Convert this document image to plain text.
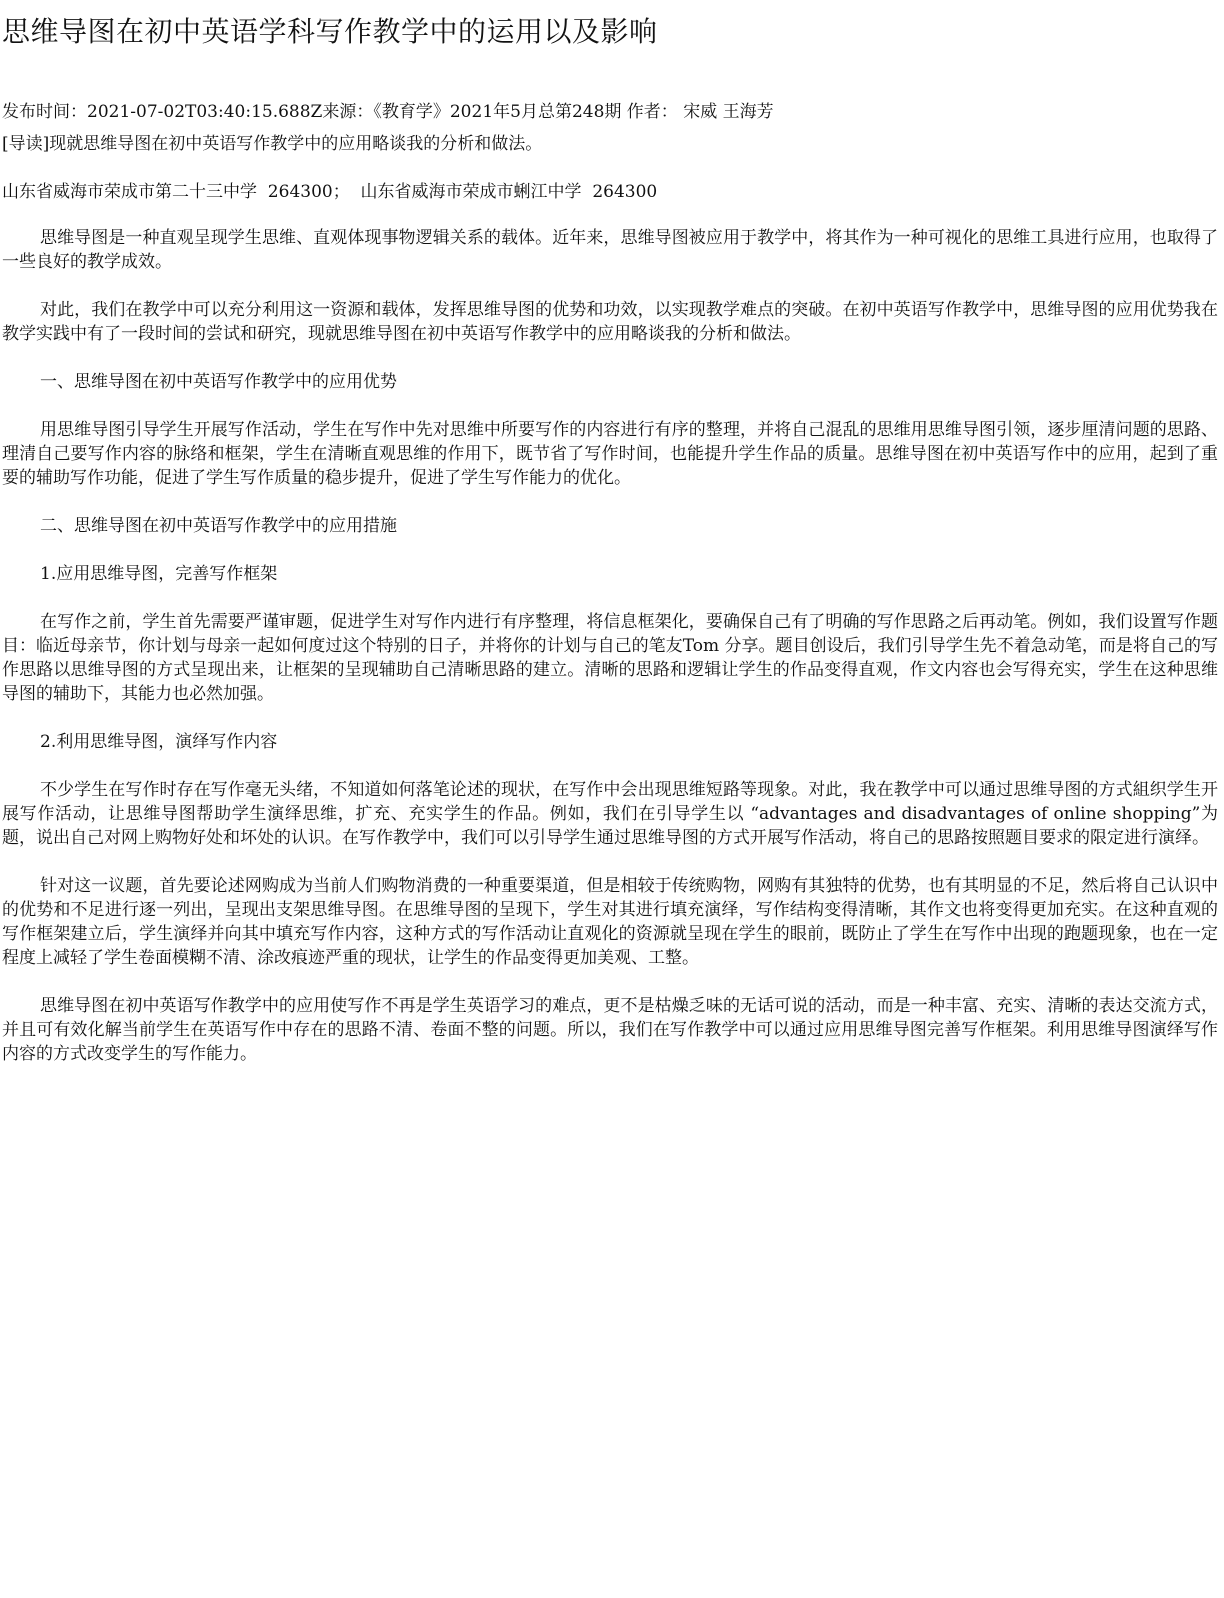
思维导图在初中英语学科写作教学中的运用以及影响
发布时间：2021-07-02T03:40:15.688Z来源：《教育学》2021年5月总第248期 作者： 宋威 王海芳
[导读]现就思维导图在初中英语写作教学中的应用略谈我的分析和做法。
山东省威海市荣成市第二十三中学  264300；  山东省威海市荣成市蜊江中学  264300

思维导图是一种直观呈现学生思维、直观体现事物逻辑关系的载体。近年来，思维导图被应用于教学中，将其作为一种可视化的思维工具进行应用，也取得了一些良好的教学成效。

对此，我们在教学中可以充分利用这一资源和载体，发挥思维导图的优势和功效，以实现教学难点的突破。在初中英语写作教学中，思维导图的应用优势我在教学实践中有了一段时间的尝试和研究，现就思维导图在初中英语写作教学中的应用略谈我的分析和做法。

一、思维导图在初中英语写作教学中的应用优势

用思维导图引导学生开展写作活动，学生在写作中先对思维中所要写作的内容进行有序的整理，并将自己混乱的思维用思维导图引领，逐步厘清问题的思路、理清自己要写作内容的脉络和框架，学生在清晰直观思维的作用下，既节省了写作时间，也能提升学生作品的质量。思维导图在初中英语写作中的应用，起到了重要的辅助写作功能，促进了学生写作质量的稳步提升，促进了学生写作能力的优化。

二、思维导图在初中英语写作教学中的应用措施
1.应用思维导图，完善写作框架

在写作之前，学生首先需要严谨审题，促进学生对写作内进行有序整理，将信息框架化，要确保自己有了明确的写作思路之后再动笔。例如，我们设置写作题目：临近母亲节，你计划与母亲一起如何度过这个特别的日子，并将你的计划与自己的笔友Tom 分享。题目创设后，我们引导学生先不着急动笔，而是将自己的写作思路以思维导图的方式呈现出来，让框架的呈现辅助自己清晰思路的建立。清晰的思路和逻辑让学生的作品变得直观，作文内容也会写得充实，学生在这种思维导图的辅助下，其能力也必然加强。

2.利用思维导图，演绎写作内容

不少学生在写作时存在写作毫无头绪，不知道如何落笔论述的现状，在写作中会出现思维短路等现象。对此，我在教学中可以通过思维导图的方式組织学生开展写作活动，让思维导图帮助学生演绎思维，扩充、充实学生的作品。例如，我们在引导学生以 “advantages and disadvantages of online shopping”为题，说出自己对网上购物好处和坏处的认识。在写作教学中，我们可以引导学生通过思维导图的方式开展写作活动，将自己的思路按照题目要求的限定进行演绎。

针对这一议题，首先要论述网购成为当前人们购物消费的一种重要渠道，但是相较于传统购物，网购有其独特的优势，也有其明显的不足，然后将自己认识中的优势和不足进行逐一列出，呈现出支架思维导图。在思维导图的呈现下，学生对其进行填充演绎，写作结构变得清晰，其作文也将变得更加充实。在这种直观的写作框架建立后，学生演绎并向其中填充写作内容，这种方式的写作活动让直观化的资源就呈现在学生的眼前，既防止了学生在写作中出现的跑题现象，也在一定程度上减轻了学生卷面模糊不清、涂改痕迹严重的现状，让学生的作品变得更加美观、工整。

思维导图在初中英语写作教学中的应用使写作不再是学生英语学习的难点，更不是枯燥乏味的无话可说的活动，而是一种丰富、充实、清晰的表达交流方式，并且可有效化解当前学生在英语写作中存在的思路不清、卷面不整的问题。所以，我们在写作教学中可以通过应用思维导图完善写作框架。利用思维导图演绎写作内容的方式改变学生的写作能力。
